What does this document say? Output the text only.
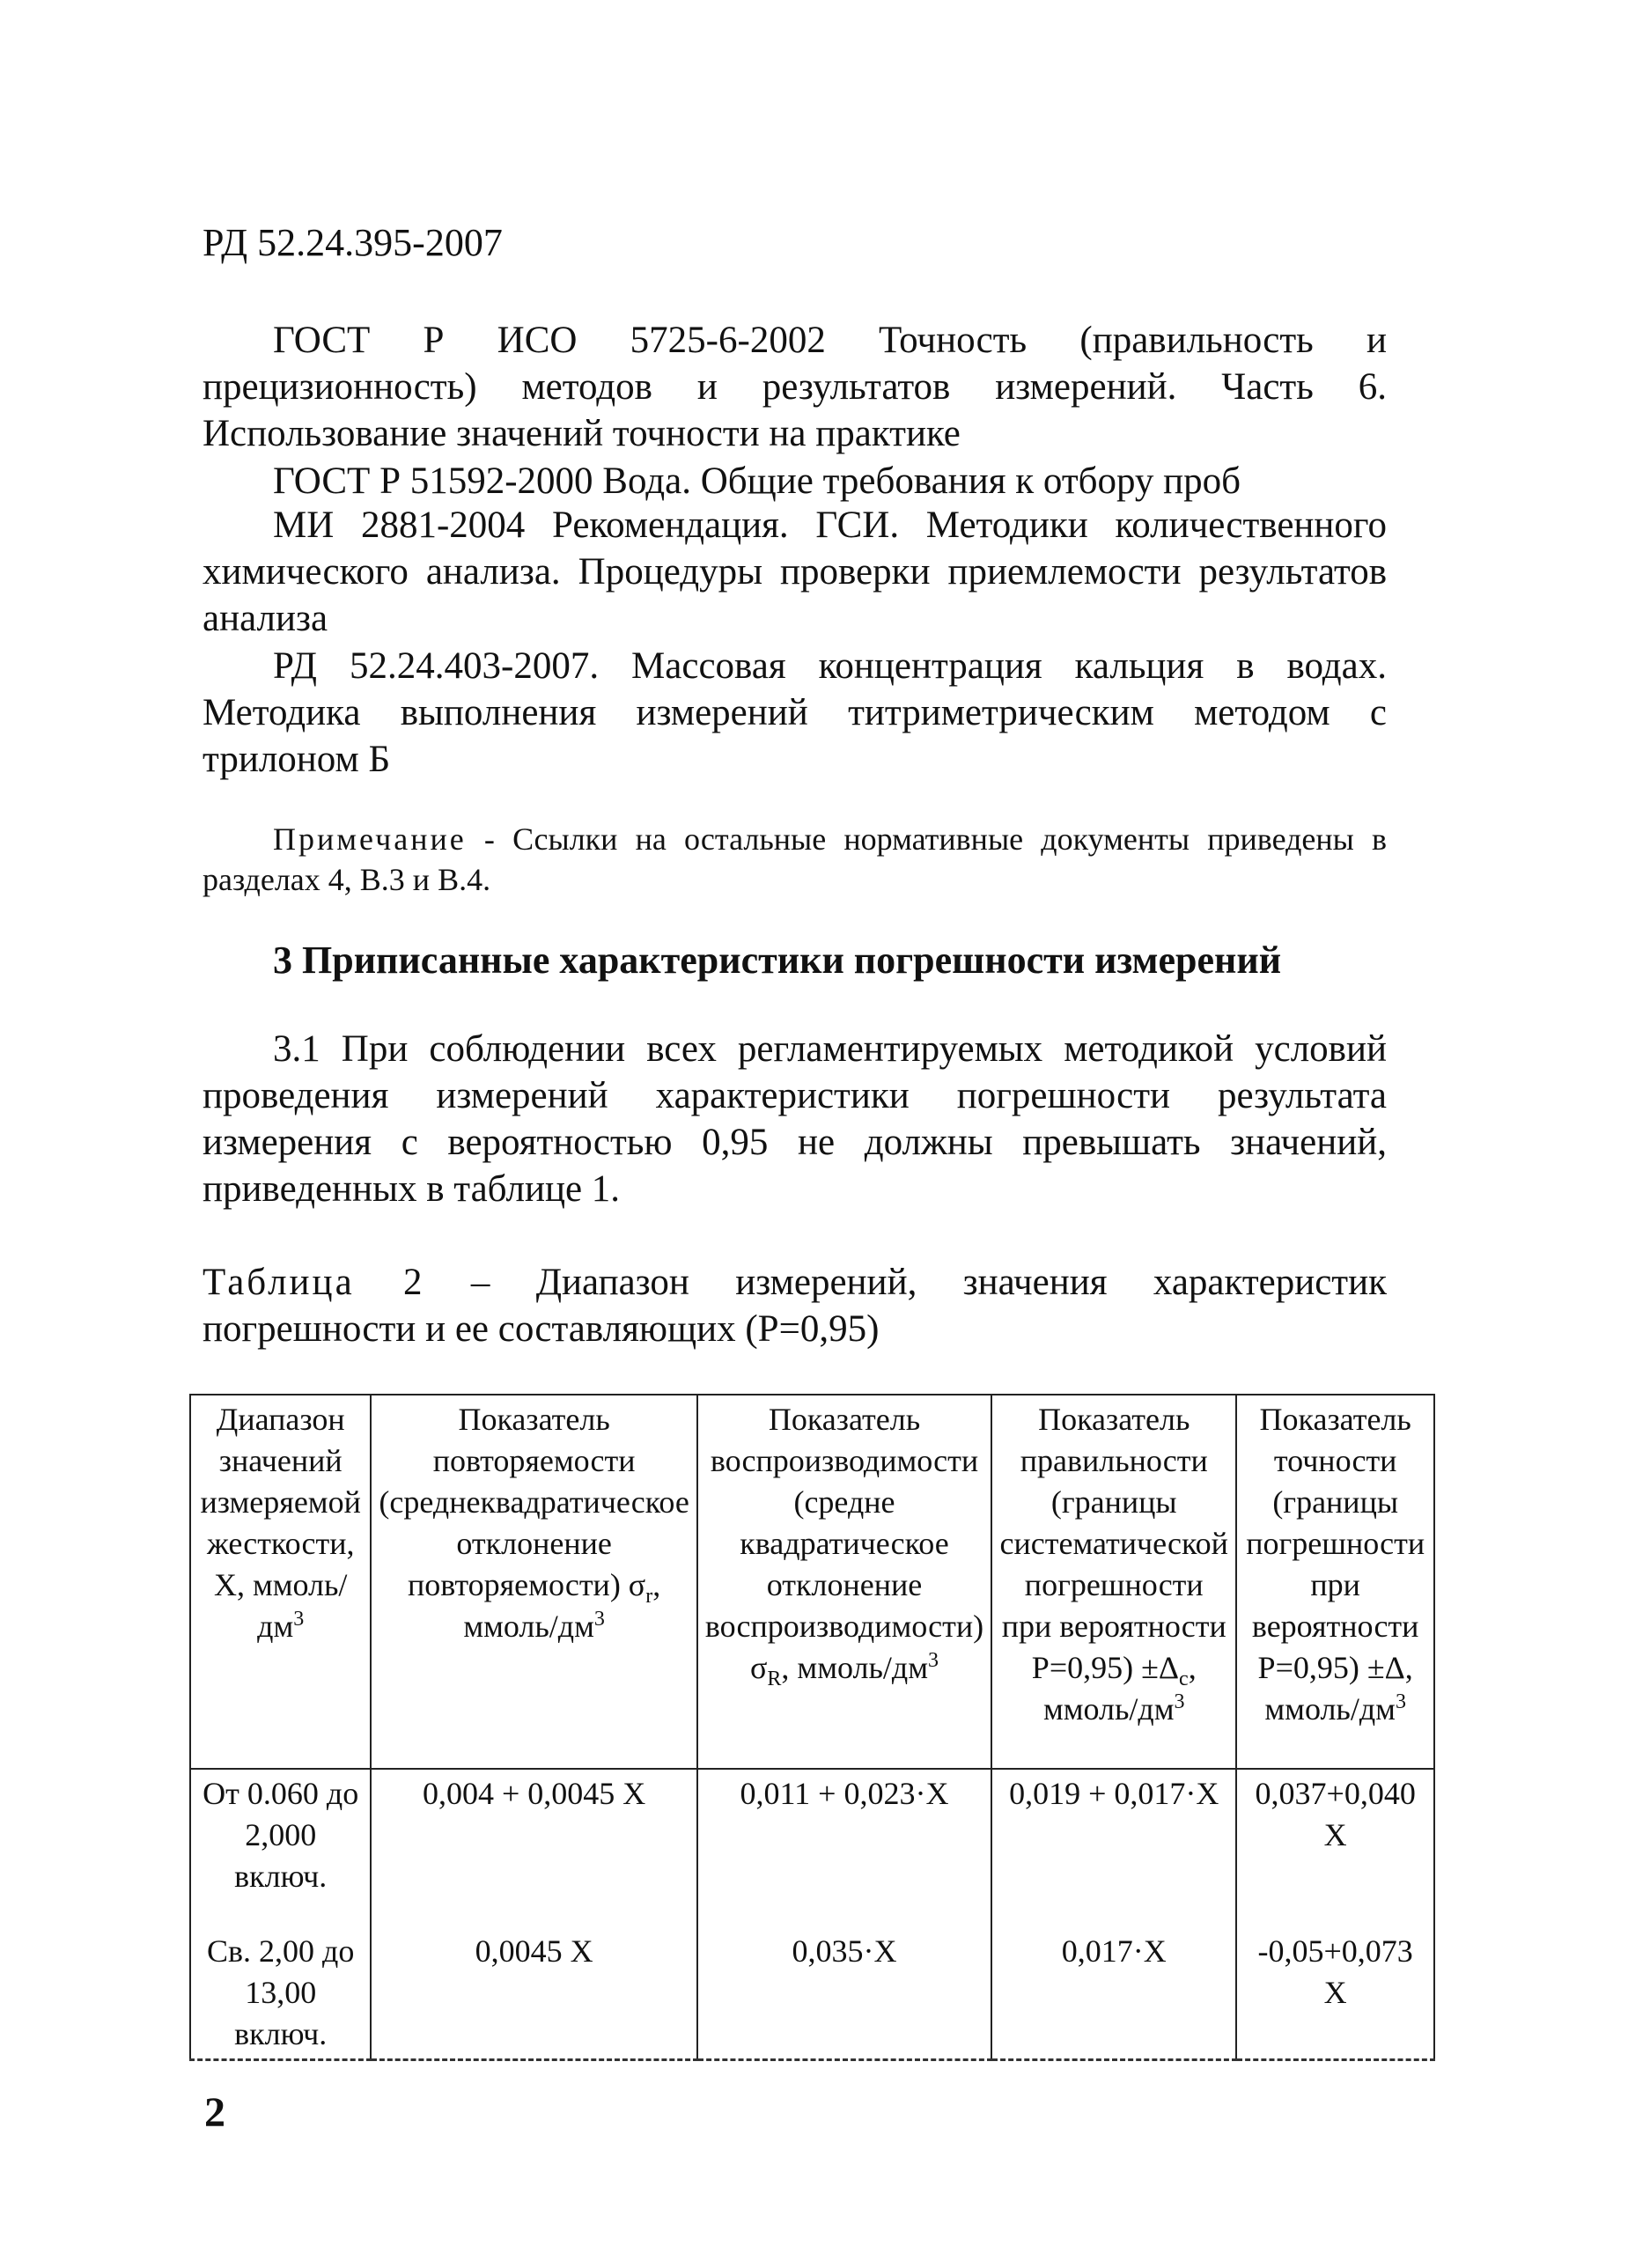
РД 52.24.395-2007
ГОСТ Р ИСО 5725-6-2002 Точность (правильность и прецизионность) методов и результатов измерений. Часть 6. Использование значений точности на практике
ГОСТ Р 51592-2000 Вода. Общие требования к отбору проб
МИ 2881-2004 Рекомендация. ГСИ. Методики количественного химического анализа. Процедуры проверки приемлемости результатов анализа
РД 52.24.403-2007. Массовая концентрация кальция в водах. Методика выполнения измерений титриметрическим методом с трилоном Б
Примечание - Ссылки на остальные нормативные документы приведены в разделах 4, В.3 и В.4.
3 Приписанные характеристики погрешности измерений
3.1 При соблюдении всех регламентируемых методикой условий проведения измерений характеристики погрешности результата измерения с вероятностью 0,95 не должны превышать значений, приведенных в таблице 1.
Таблица 2 – Диапазон измерений, значения характеристик погрешности и ее составляющих (Р=0,95)
Диапазон значений измеряемой жесткости, Х, ммоль/$дм^3$	Показатель повторяемости (среднеквадратическое отклонение повторяемости) $\sigma_r$, ммоль/$дм^3$	Показатель воспроизводимости (средне квадратическое отклонение воспроизводимости) $\sigma_R$, ммоль/$дм^3$	Показатель правильности (границы систематической погрешности при вероятности $Р=0,95) \pm\Delta_c$, ммоль/$дм^3$	Показатель точности (границы погрешности при вероятности Р=0,95) ±Δ, ммоль/$дм^3$
От 0.060 до 2,000 включ.	0,004 + 0,0045 Х	0,011 + 0,023·Х	0,019 + 0,017·Х	0,037+0,040 Х
Св. 2,00 до 13,00 включ.	0,0045 Х	0,035·Х	0,017·Х	-0,05+0,073 Х
2
